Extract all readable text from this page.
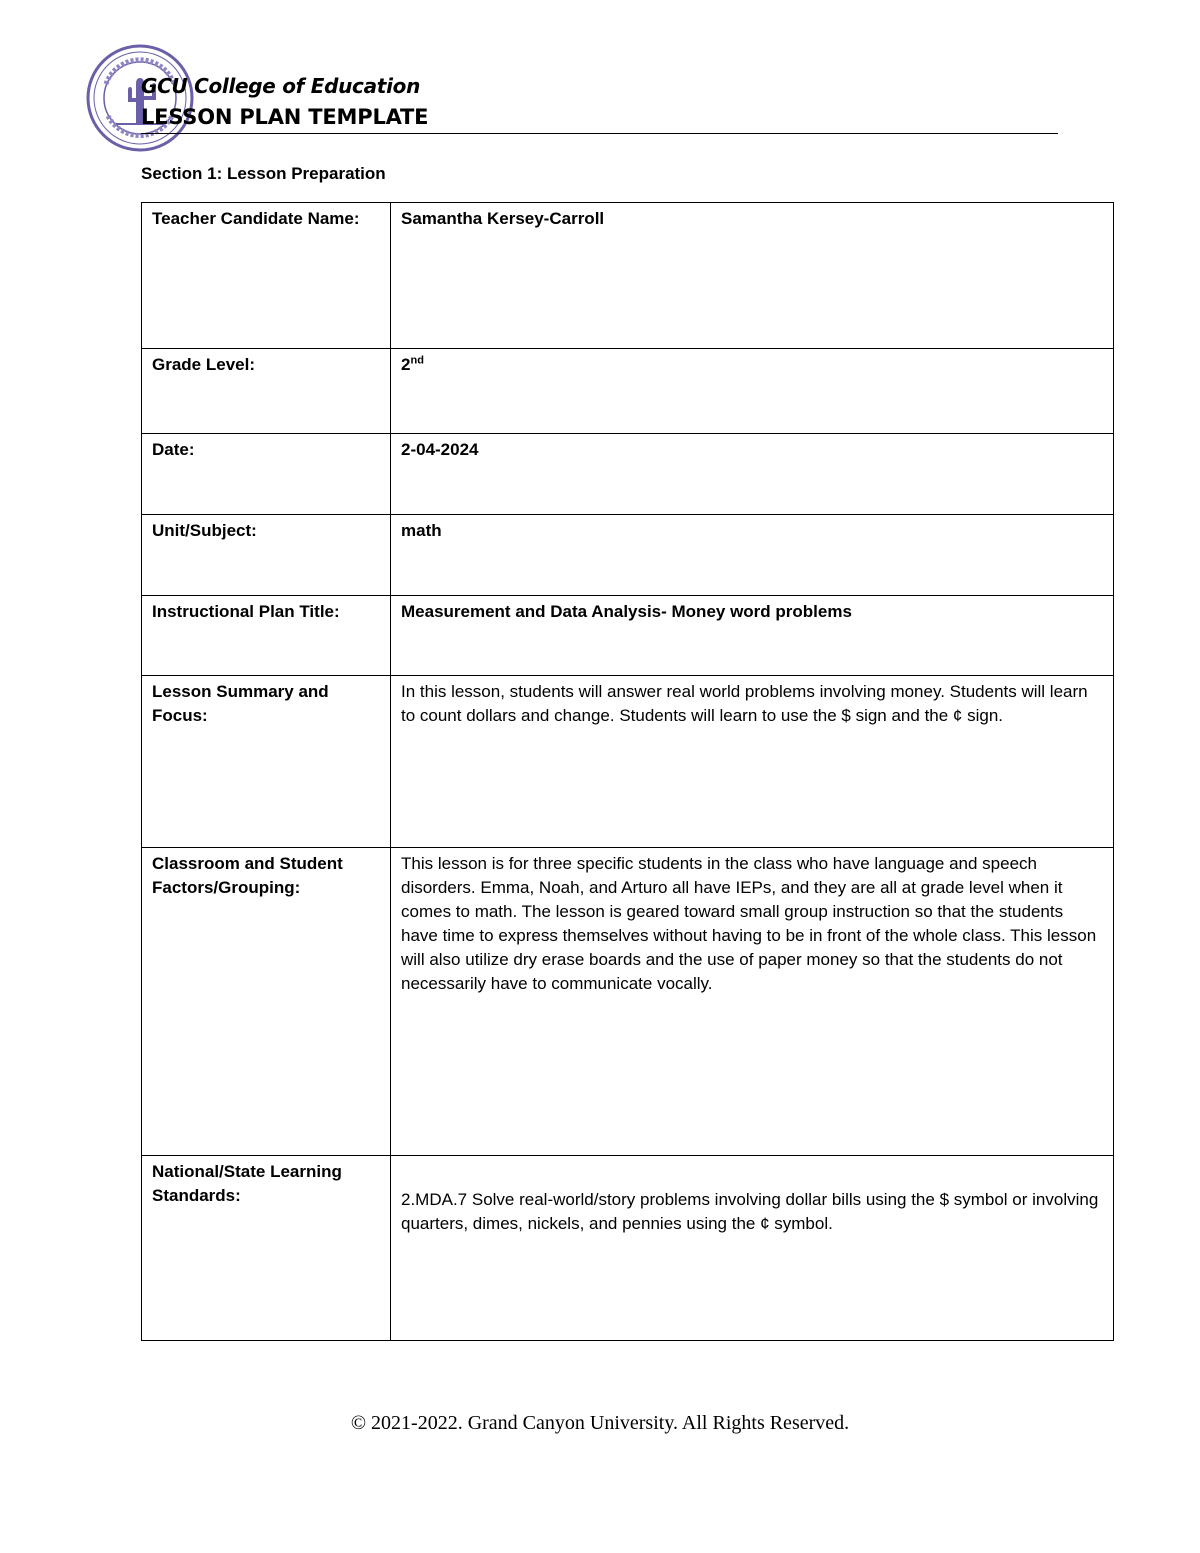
GCU College of Education
LESSON PLAN TEMPLATE
Section 1: Lesson Preparation
Teacher Candidate Name:	Samantha Kersey-Carroll
Grade Level:	2nd
Date:	2-04-2024
Unit/Subject:	math
Instructional Plan Title:	Measurement and Data Analysis- Money word problems
Lesson Summary and Focus:	In this lesson, students will answer real world problems involving money. Students will learn to count dollars and change. Students will learn to use the $ sign and the ¢ sign.
Classroom and Student Factors/Grouping:	This lesson is for three specific students in the class who have language and speech disorders. Emma, Noah, and Arturo all have IEPs, and they are all at grade level when it comes to math. The lesson is geared toward small group instruction so that the students have time to express themselves without having to be in front of the whole class. This lesson will also utilize dry erase boards and the use of paper money so that the students do not necessarily have to communicate vocally.
National/State Learning Standards:	2.MDA.7 Solve real-world/story problems involving dollar bills using the $ symbol or involving quarters, dimes, nickels, and pennies using the ¢ symbol.
© 2021-2022. Grand Canyon University. All Rights Reserved.
